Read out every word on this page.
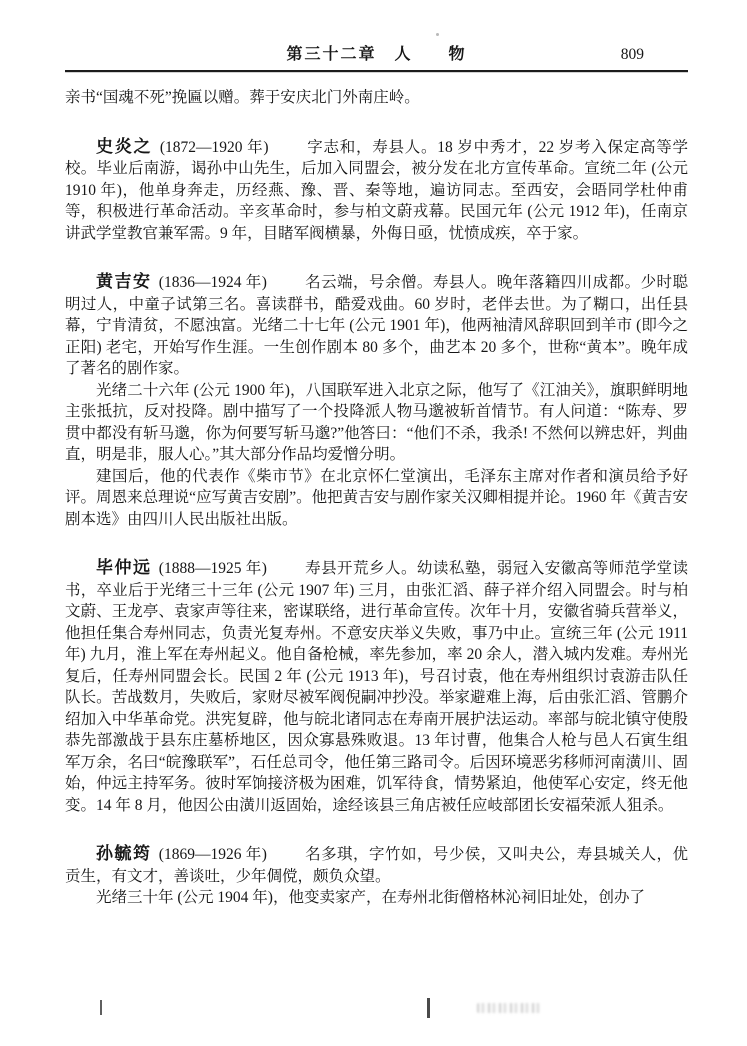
第三十二章　人　　物	809

亲书“国魂不死”挽匾以赠。葬于安庆北门外南庄岭。

史炎之 (1872—1920 年) 字志和，寿县人。18 岁中秀才，22 岁考入保定高等学校。毕业后南游，谒孙中山先生，后加入同盟会，被分发在北方宣传革命。宣统二年 (公元 1910 年)，他单身奔走，历经燕、豫、晋、秦等地，遍访同志。至西安，会晤同学杜仲甫等，积极进行革命活动。辛亥革命时，参与柏文蔚戎幕。民国元年 (公元 1912 年)，任南京讲武学堂教官兼军需。9 年，目睹军阀横暴，外侮日亟，忧愤成疾，卒于家。

黄吉安 (1836—1924 年) 名云端，号余僧。寿县人。晚年落籍四川成都。少时聪明过人，中童子试第三名。喜读群书，酷爱戏曲。60 岁时，老伴去世。为了糊口，出任县幕，宁肯清贫，不愿浊富。光绪二十七年 (公元 1901 年)，他两袖清风辞职回到羊市 (即今之正阳) 老宅，开始写作生涯。一生创作剧本 80 多个，曲艺本 20 多个，世称“黄本”。晚年成了著名的剧作家。

光绪二十六年 (公元 1900 年)，八国联军进入北京之际，他写了《江油关》，旗职鲜明地主张抵抗，反对投降。剧中描写了一个投降派人物马邈被斩首情节。有人问道：“陈寿、罗贯中都没有斩马邈，你为何要写斩马邈?”他答曰：“他们不杀，我杀! 不然何以辨忠奸，判曲直，明是非，服人心。”其大部分作品均爱憎分明。

建国后，他的代表作《柴市节》在北京怀仁堂演出，毛泽东主席对作者和演员给予好评。周恩来总理说“应写黄吉安剧”。他把黄吉安与剧作家关汉卿相提并论。1960 年《黄吉安剧本选》由四川人民出版社出版。

毕仲远 (1888—1925 年) 寿县开荒乡人。幼读私塾，弱冠入安徽高等师范学堂读书，卒业后于光绪三十三年 (公元 1907 年) 三月，由张汇滔、薛子祥介绍入同盟会。时与柏文蔚、王龙亭、袁家声等往来，密谋联络，进行革命宣传。次年十月，安徽省骑兵营举义，他担任集合寿州同志，负责光复寿州。不意安庆举义失败，事乃中止。宣统三年 (公元 1911 年) 九月，淮上军在寿州起义。他自备枪械，率先参加，率 20 余人，潜入城内发难。寿州光复后，任寿州同盟会长。民国 2 年 (公元 1913 年)，号召讨袁，他在寿州组织讨袁游击队任队长。苦战数月，失败后，家财尽被军阀倪嗣冲抄没。举家避难上海，后由张汇滔、管鹏介绍加入中华革命党。洪宪复辟，他与皖北诸同志在寿南开展护法运动。率部与皖北镇守使殷恭先部激战于县东庄墓桥地区，因众寡悬殊败退。13 年讨曹，他集合人枪与邑人石寅生组军万余，名曰“皖豫联军”，石任总司令，他任第三路司令。后因环境恶劣移师河南潢川、固始，仲远主持军务。彼时军饷接济极为困难，饥军待食，情势紧迫，他使军心安定，终无他变。14 年 8 月，他因公由潢川返固始，途经该县三角店被任应岐部团长安福荣派人狙杀。

孙毓筠 (1869—1926 年) 名多琪，字竹如，号少侯，又叫夬公，寿县城关人，优贡生，有文才，善谈吐，少年倜傥，颇负众望。

光绪三十年 (公元 1904 年)，他变卖家产，在寿州北街僧格林沁祠旧址处，创办了
